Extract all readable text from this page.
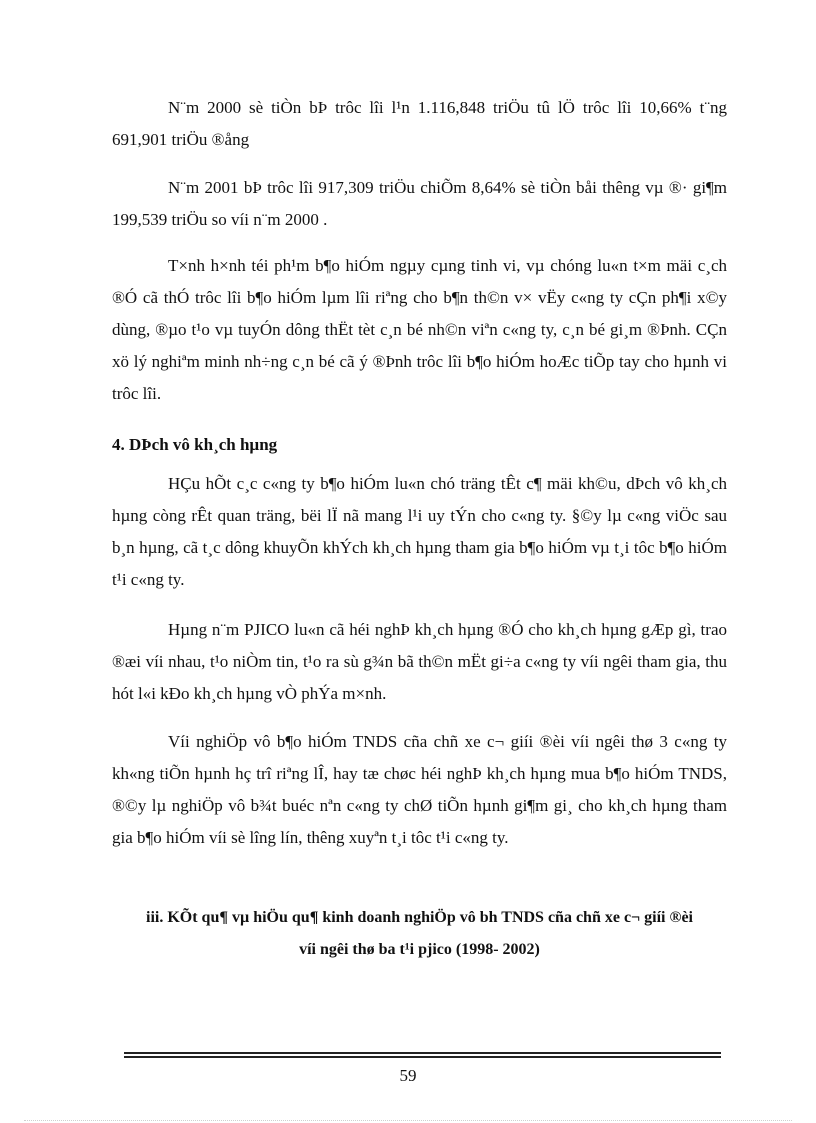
N¨m 2000 sè tiÒn bÞ trôc lîi l¹n 1.116,848 triÖu tû lÖ trôc lîi 10,66% t¨ng 691,901 triÖu ®ång

N¨m 2001 bÞ trôc lîi 917,309 triÖu chiÕm 8,64% sè tiÒn båi thêng vµ ®· gi¶m 199,539 triÖu so víi n¨m 2000 .

T×nh h×nh téi ph¹m b¶o hiÓm ngµy cµng tinh vi, vµ chóng lu«n t×m mäi c¸ch ®Ó cã thÓ trôc lîi b¶o hiÓm lµm lîi riªng cho b¶n th©n v× vËy c«ng ty cÇn ph¶i x©y dùng, ®µo t¹o vµ tuyÓn dông thËt tèt c¸n bé nh©n viªn c«ng ty, c¸n bé gi¸m ®Þnh. CÇn xö lý nghiªm minh nh÷ng c¸n bé cã ý ®Þnh trôc lîi b¶o hiÓm hoÆc tiÕp tay cho hµnh vi trôc lîi.

4. DÞch vô kh¸ch hµng

HÇu hÕt c¸c c«ng ty b¶o hiÓm lu«n chó träng tÊt c¶ mäi kh©u, dÞch vô kh¸ch hµng còng rÊt quan träng, bëi lÏ nã mang l¹i uy tÝn cho c«ng ty. §©y lµ c«ng viÖc sau b¸n hµng, cã t¸c dông khuyÕn khÝch kh¸ch hµng tham gia b¶o hiÓm vµ t¸i tôc b¶o hiÓm t¹i c«ng ty.

Hµng n¨m PJICO lu«n cã héi nghÞ kh¸ch hµng ®Ó cho kh¸ch hµng gÆp gì, trao ®æi víi nhau, t¹o niÒm tin, t¹o ra sù g¾n bã th©n mËt gi÷a c«ng ty víi ngêi tham gia, thu hót l«i kÐo kh¸ch hµng vÒ phÝa m×nh.

Víi nghiÖp vô b¶o hiÓm TNDS cña chñ xe c¬ giíi ®èi víi ngêi thø 3 c«ng ty kh«ng tiÕn hµnh hç trî riªng lÎ, hay tæ chøc héi nghÞ kh¸ch hµng mua b¶o hiÓm TNDS, ®©y lµ nghiÖp vô b¾t buéc nªn c«ng ty chØ tiÕn hµnh gi¶m gi¸ cho kh¸ch hµng tham gia b¶o hiÓm víi sè lîng lín, thêng xuyªn t¸i tôc t¹i c«ng ty.

iii. KÕt qu¶ vµ hiÖu qu¶ kinh doanh nghiÖp vô bh TNDS cña chñ xe c¬ giíi ®èi
víi ngêi thø ba t¹i pjico (1998- 2002)

59
